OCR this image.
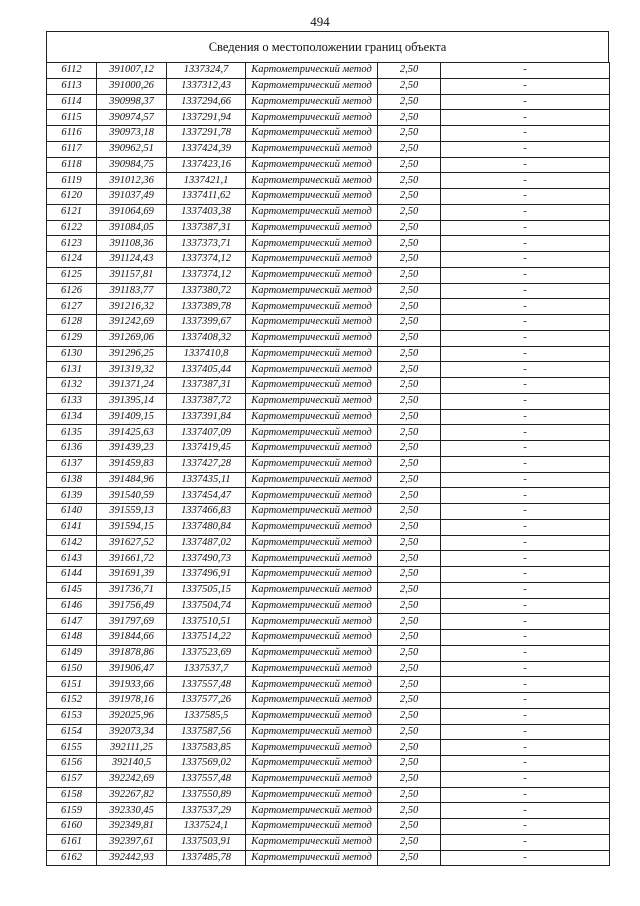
494
Сведения о местоположении границ объекта
6112	391007,12	1337324,7	Картометрический метод	2,50	-
6113	391000,26	1337312,43	Картометрический метод	2,50	-
6114	390998,37	1337294,66	Картометрический метод	2,50	-
6115	390974,57	1337291,94	Картометрический метод	2,50	-
6116	390973,18	1337291,78	Картометрический метод	2,50	-
6117	390962,51	1337424,39	Картометрический метод	2,50	-
6118	390984,75	1337423,16	Картометрический метод	2,50	-
6119	391012,36	1337421,1	Картометрический метод	2,50	-
6120	391037,49	1337411,62	Картометрический метод	2,50	-
6121	391064,69	1337403,38	Картометрический метод	2,50	-
6122	391084,05	1337387,31	Картометрический метод	2,50	-
6123	391108,36	1337373,71	Картометрический метод	2,50	-
6124	391124,43	1337374,12	Картометрический метод	2,50	-
6125	391157,81	1337374,12	Картометрический метод	2,50	-
6126	391183,77	1337380,72	Картометрический метод	2,50	-
6127	391216,32	1337389,78	Картометрический метод	2,50	-
6128	391242,69	1337399,67	Картометрический метод	2,50	-
6129	391269,06	1337408,32	Картометрический метод	2,50	-
6130	391296,25	1337410,8	Картометрический метод	2,50	-
6131	391319,32	1337405,44	Картометрический метод	2,50	-
6132	391371,24	1337387,31	Картометрический метод	2,50	-
6133	391395,14	1337387,72	Картометрический метод	2,50	-
6134	391409,15	1337391,84	Картометрический метод	2,50	-
6135	391425,63	1337407,09	Картометрический метод	2,50	-
6136	391439,23	1337419,45	Картометрический метод	2,50	-
6137	391459,83	1337427,28	Картометрический метод	2,50	-
6138	391484,96	1337435,11	Картометрический метод	2,50	-
6139	391540,59	1337454,47	Картометрический метод	2,50	-
6140	391559,13	1337466,83	Картометрический метод	2,50	-
6141	391594,15	1337480,84	Картометрический метод	2,50	-
6142	391627,52	1337487,02	Картометрический метод	2,50	-
6143	391661,72	1337490,73	Картометрический метод	2,50	-
6144	391691,39	1337496,91	Картометрический метод	2,50	-
6145	391736,71	1337505,15	Картометрический метод	2,50	-
6146	391756,49	1337504,74	Картометрический метод	2,50	-
6147	391797,69	1337510,51	Картометрический метод	2,50	-
6148	391844,66	1337514,22	Картометрический метод	2,50	-
6149	391878,86	1337523,69	Картометрический метод	2,50	-
6150	391906,47	1337537,7	Картометрический метод	2,50	-
6151	391933,66	1337557,48	Картометрический метод	2,50	-
6152	391978,16	1337577,26	Картометрический метод	2,50	-
6153	392025,96	1337585,5	Картометрический метод	2,50	-
6154	392073,34	1337587,56	Картометрический метод	2,50	-
6155	392111,25	1337583,85	Картометрический метод	2,50	-
6156	392140,5	1337569,02	Картометрический метод	2,50	-
6157	392242,69	1337557,48	Картометрический метод	2,50	-
6158	392267,82	1337550,89	Картометрический метод	2,50	-
6159	392330,45	1337537,29	Картометрический метод	2,50	-
6160	392349,81	1337524,1	Картометрический метод	2,50	-
6161	392397,61	1337503,91	Картометрический метод	2,50	-
6162	392442,93	1337485,78	Картометрический метод	2,50	-
